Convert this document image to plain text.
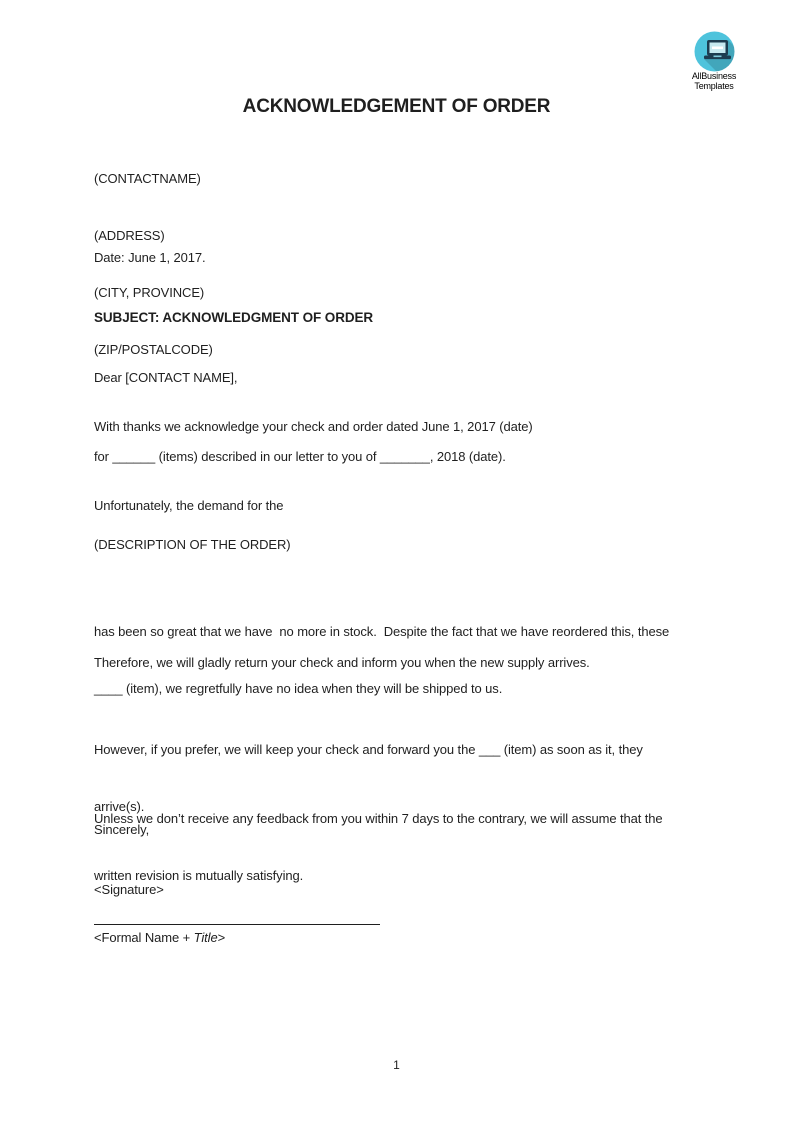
AllBusiness
Templates
ACKNOWLEDGEMENT OF ORDER

(CONTACTNAME)

(ADDRESS)

(CITY, PROVINCE)

(ZIP/POSTALCODE)

Date: June 1, 2017.
SUBJECT: ACKNOWLEDGMENT OF ORDER
Dear [CONTACT NAME],
With thanks we acknowledge your check and order dated June 1, 2017 (date)
for ______ (items) described in our letter to you of _______, 2018 (date).
Unfortunately, the demand for the
(DESCRIPTION OF THE ORDER)

has been so great that we have  no more in stock.  Despite the fact that we have reordered this, these

____ (item), we regretfully have no idea when they will be shipped to us.

Therefore, we will gladly return your check and inform you when the new supply arrives.

However, if you prefer, we will keep your check and forward you the ___ (item) as soon as it, they

arrive(s).

Unless we don’t receive any feedback from you within 7 days to the contrary, we will assume that the

written revision is mutually satisfying.

Sincerely,
<Signature>
<Formal Name + Title>
1
